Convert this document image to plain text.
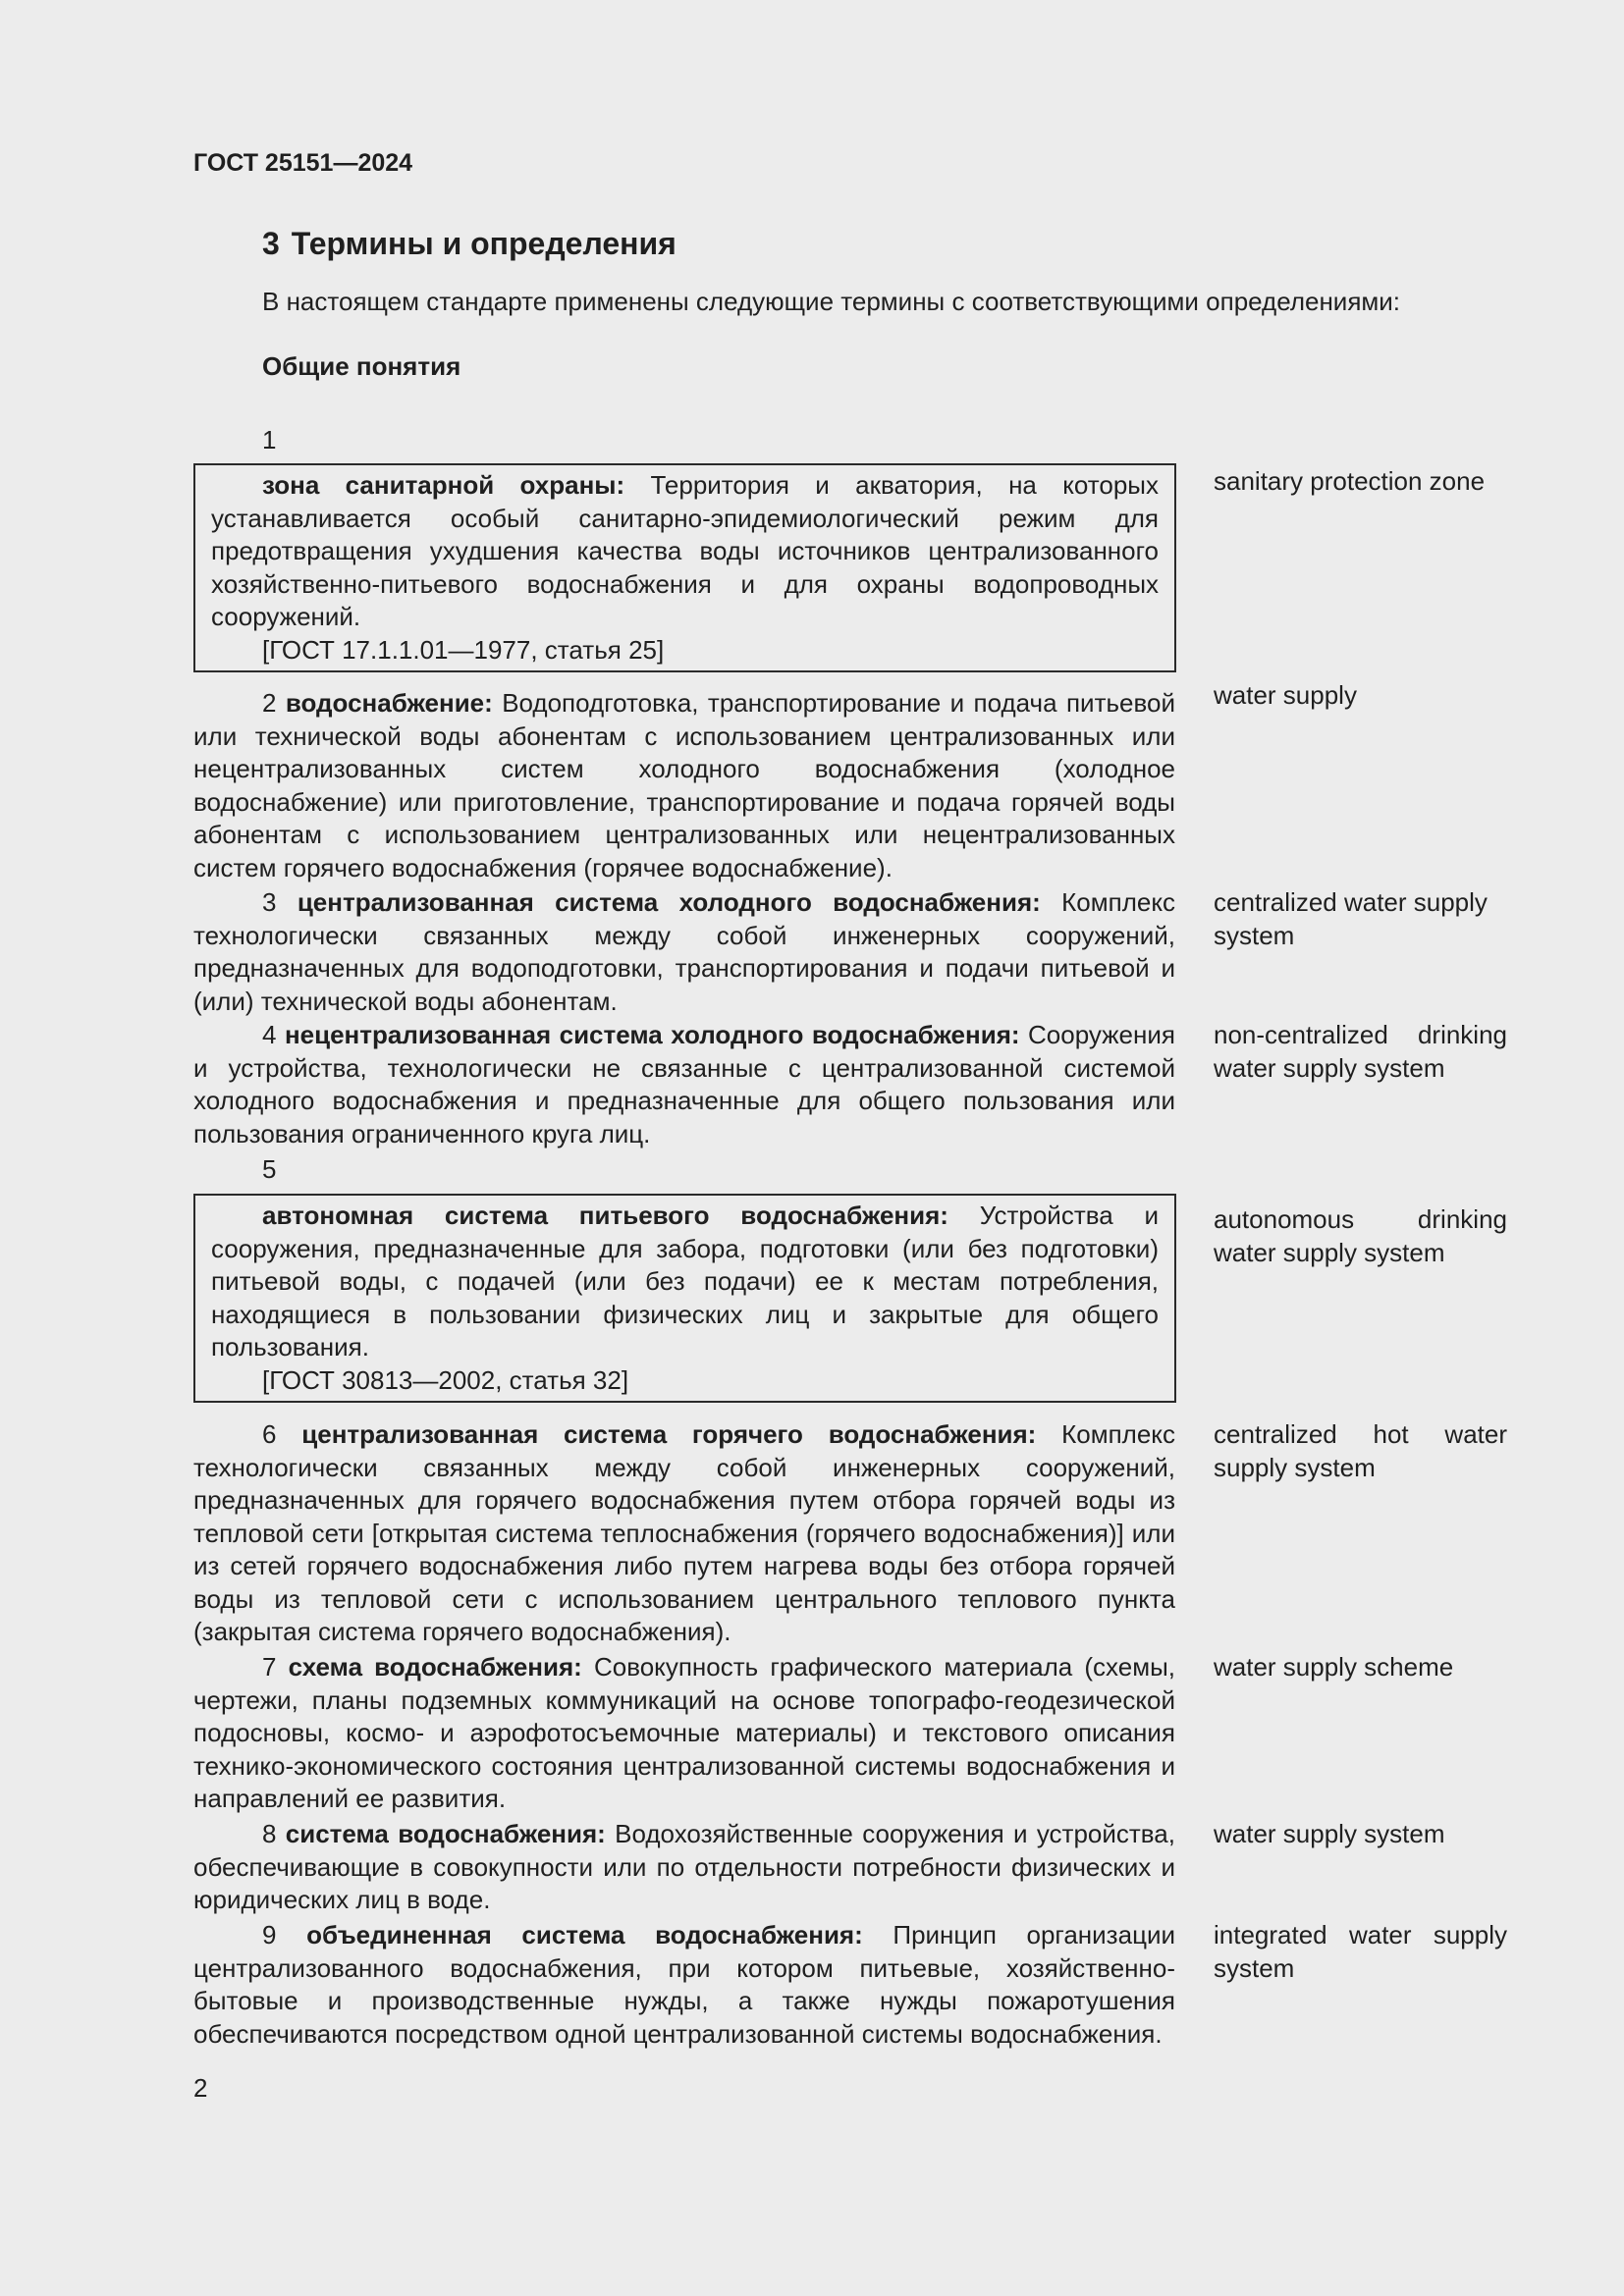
ГОСТ 25151—2024
3 Термины и определения
В настоящем стандарте применены следующие термины с соответствующими определениями:
Общие понятия
1
зона санитарной охраны: Территория и акватория, на которых устанавливается особый санитарно-эпидемиологический режим для предотвращения ухудшения качества воды источников централизованного хозяйственно-питьевого водоснабжения и для охраны водопроводных сооружений.
[ГОСТ 17.1.1.01—1977, статья 25]
sanitary protection zone
2 водоснабжение: Водоподготовка, транспортирование и подача питьевой или технической воды абонентам с использованием централизованных или нецентрализованных систем холодного водоснабжения (холодное водоснабжение) или приготовление, транспортирование и подача горячей воды абонентам с использованием централизованных или нецентрализованных систем горячего водоснабжения (горячее водоснабжение).
water supply
3 централизованная система холодного водоснабжения: Комплекс технологически связанных между собой инженерных сооружений, предназначенных для водоподготовки, транспортирования и подачи питьевой и (или) технической воды абонентам.
centralized water supply system
4 нецентрализованная система холодного водоснабжения: Сооружения и устройства, технологически не связанные с централизованной системой холодного водоснабжения и предназначенные для общего пользования или пользования ограниченного круга лиц.
non-centralized drinking water supply system
5
автономная система питьевого водоснабжения: Устройства и сооружения, предназначенные для забора, подготовки (или без подготовки) питьевой воды, с подачей (или без подачи) ее к местам потребления, находящиеся в пользовании физических лиц и закрытые для общего пользования.
[ГОСТ 30813—2002, статья 32]
autonomous drinking water supply system
6 централизованная система горячего водоснабжения: Комплекс технологически связанных между собой инженерных сооружений, предназначенных для горячего водоснабжения путем отбора горячей воды из тепловой сети [открытая система теплоснабжения (горячего водоснабжения)] или из сетей горячего водоснабжения либо путем нагрева воды без отбора горячей воды из тепловой сети с использованием центрального теплового пункта (закрытая система горячего водоснабжения).
centralized hot water supply system
7 схема водоснабжения: Совокупность графического материала (схемы, чертежи, планы подземных коммуникаций на основе топографо-геодезической подосновы, космо- и аэрофотосъемочные материалы) и текстового описания технико-экономического состояния централизованной системы водоснабжения и направлений ее развития.
water supply scheme
8 система водоснабжения: Водохозяйственные сооружения и устройства, обеспечивающие в совокупности или по отдельности потребности физических и юридических лиц в воде.
water supply system
9 объединенная система водоснабжения: Принцип организации централизованного водоснабжения, при котором питьевые, хозяйственно-бытовые и производственные нужды, а также нужды пожаротушения обеспечиваются посредством одной централизованной системы водоснабжения.
integrated water supply system
2
